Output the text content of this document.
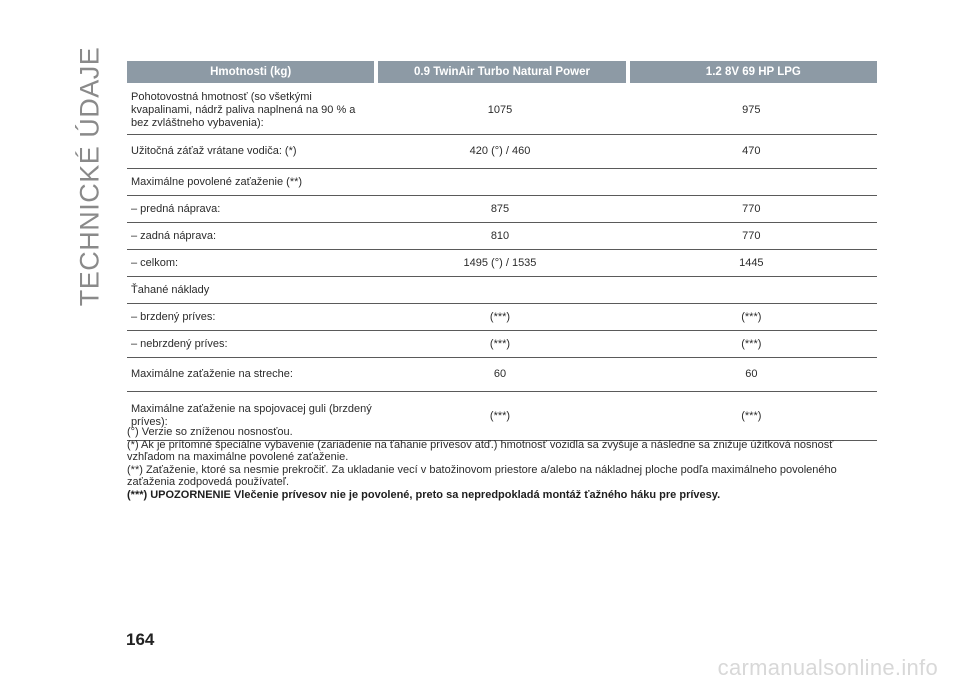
TECHNICKÉ ÚDAJE	Hmotnosti (kg)		0.9 TwinAir Turbo Natural Power		1.2 8V 69 HP LPG
Pohotovostná hmotnosť (so všetkými kvapalinami, nádrž paliva naplnená na 90 % a bez zvláštneho vybavenia):	1075		975	
Užitočná záťaž vrátane vodiča: (*)	420 (°) / 460		470	
Maximálne povolené zaťaženie (**)				
– predná náprava:	875		770	
– zadná náprava:	810		770	
– celkom:	1495 (°) / 1535		1445	
Ťahané náklady				
– brzdený príves:	(***)		(***)	
– nebrzdený príves:	(***)		(***)	
Maximálne zaťaženie na streche:	60		60	
Maximálne zaťaženie na spojovacej guli (brzdený príves):	(***)		(***)	

(°) Verzie so zníženou nosnosťou.

(*) Ak je prítomné špeciálne vybavenie (zariadenie na ťahanie prívesov atď.) hmotnosť vozidla sa zvyšuje a následne sa znižuje úžitková nosnosť vzhľadom na maximálne povolené zaťaženie.

(**) Zaťaženie, ktoré sa nesmie prekročiť. Za ukladanie vecí v batožinovom priestore a/alebo na nákladnej ploche podľa maximálneho povoleného zaťaženia zodpovedá používateľ.

(***) UPOZORNENIE Vlečenie prívesov nie je povolené, preto sa nepredpokladá montáž ťažného háku pre prívesy.

164
carmanualsonline.info
